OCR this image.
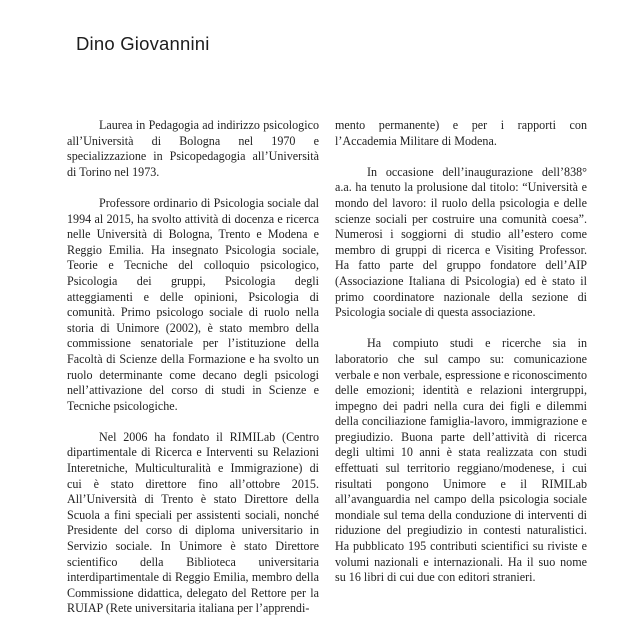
Dino Giovannini

Laurea in Pedagogia ad indirizzo psicologico all’Università di Bologna nel 1970 e specializzazione in Psicopedagogia all’Università di Torino nel 1973.

Professore ordinario di Psicologia sociale dal 1994 al 2015, ha svolto attività di docenza e ricerca nelle Università di Bologna, Trento e Modena e Reggio Emilia. Ha insegnato Psicologia sociale, Teorie e Tecniche del colloquio psicologico, Psicologia dei gruppi, Psicologia degli atteggiamenti e delle opinioni, Psicologia di comunità. Primo psicologo sociale di ruolo nella storia di Unimore (2002), è stato membro della commissione senatoriale per l’istituzione della Facoltà di Scienze della Formazione e ha svolto un ruolo determinante come decano degli psicologi nell’attivazione del corso di studi in Scienze e Tecniche psicologiche.

Nel 2006 ha fondato il RIMILab (Centro dipartimentale di Ricerca e Interventi su Relazioni Interetniche, Multiculturalità e Immigrazione) di cui è stato direttore fino all’ottobre 2015. All’Università di Trento è stato Direttore della Scuola a fini speciali per assistenti sociali, nonché Presidente del corso di diploma universitario in Servizio sociale. In Unimore è stato Direttore scientifico della Biblioteca universitaria interdipartimentale di Reggio Emilia, membro della Commissione didattica, delegato del Rettore per la RUIAP (Rete universitaria italiana per l’apprendi-

mento permanente) e per i rapporti con l’Accademia Militare di Modena.

In occasione dell’inaugurazione dell’838° a.a. ha tenuto la prolusione dal titolo: “Università e mondo del lavoro: il ruolo della psicologia e delle scienze sociali per costruire una comunità coesa”. Numerosi i soggiorni di studio all’estero come membro di gruppi di ricerca e Visiting Professor. Ha fatto parte del gruppo fondatore dell’AIP (Associazione Italiana di Psicologia) ed è stato il primo coordinatore nazionale della sezione di Psicologia sociale di questa associazione.

Ha compiuto studi e ricerche sia in laboratorio che sul campo su: comunicazione verbale e non verbale, espressione e riconoscimento delle emozioni; identità e relazioni intergruppi, impegno dei padri nella cura dei figli e dilemmi della conciliazione famiglia-lavoro, immigrazione e pregiudizio. Buona parte dell’attività di ricerca degli ultimi 10 anni è stata realizzata con studi effettuati sul territorio reggiano/modenese, i cui risultati pongono Unimore e il RIMILab all’avanguardia nel campo della psicologia sociale mondiale sul tema della conduzione di interventi di riduzione del pregiudizio in contesti naturalistici. Ha pubblicato 195 contributi scientifici su riviste e volumi nazionali e internazionali. Ha il suo nome su 16 libri di cui due con editori stranieri.
